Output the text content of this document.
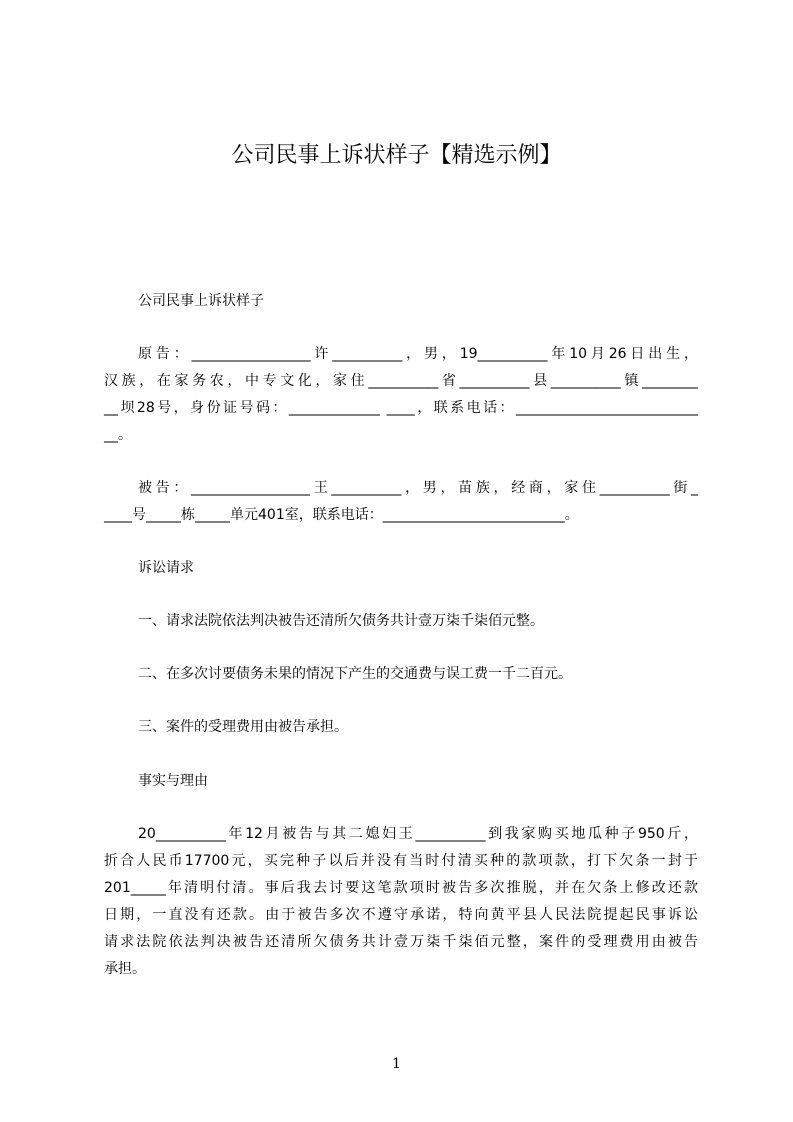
公司民事上诉状样子【精选示例】
公司民事上诉状样子
原告：_________________许__________，男，19__________年10月26日出生，
汉族，在家务农，中专文化，家住__________省__________县__________镇________
__坝28号，身份证号码：_____________ ____，联系电话：__________________________
__。
被告：_________________王__________，男，苗族，经商，家住__________街_
____号_____栋_____单元401室，联系电话：__________________________。
诉讼请求
一、请求法院依法判决被告还清所欠债务共计壹万柒千柒佰元整。
二、在多次讨要债务未果的情况下产生的交通费与误工费一千二百元。
三、案件的受理费用由被告承担。
事实与理由
20__________年12月被告与其二媳妇王__________到我家购买地瓜种子950斤，
折合人民币17700元，买完种子以后并没有当时付清买种的款项款，打下欠条一封于
201_____年清明付清。事后我去讨要这笔款项时被告多次推脱，并在欠条上修改还款
日期，一直没有还款。由于被告多次不遵守承诺，特向黄平县人民法院提起民事诉讼
请求法院依法判决被告还清所欠债务共计壹万柒千柒佰元整，案件的受理费用由被告
承担。
1
